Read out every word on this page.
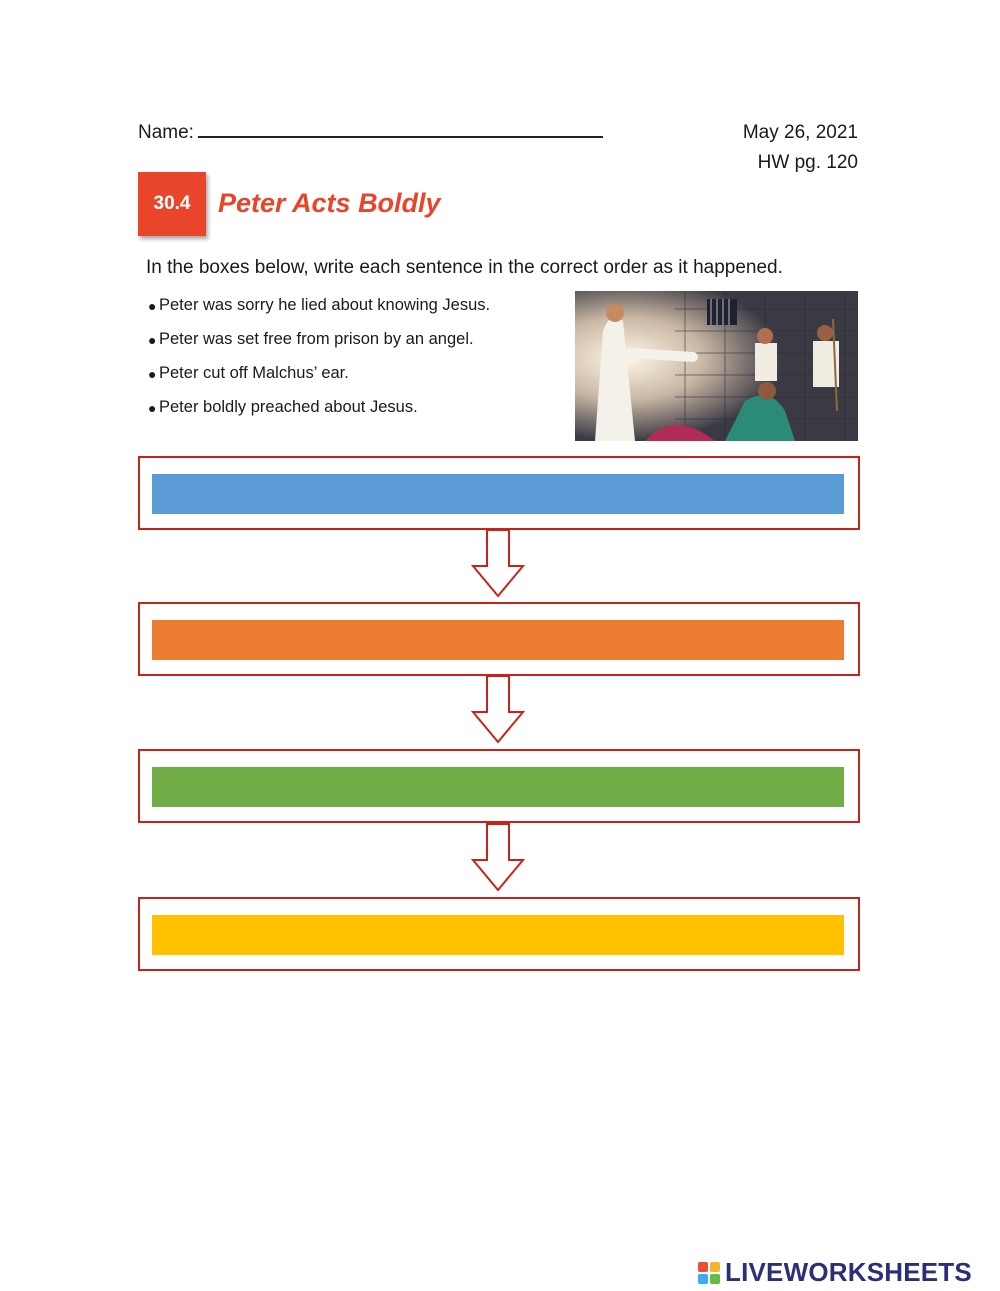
Name:	May 26, 2021
HW pg. 120
30.4	Peter Acts Boldly
In the boxes below, write each sentence in the correct order as it happened.
● Peter was sorry he lied about knowing Jesus.
● Peter was set free from prison by an angel.
● Peter cut off Malchus’ ear.
● Peter boldly preached about Jesus.
LIVEWORKSHEETS
